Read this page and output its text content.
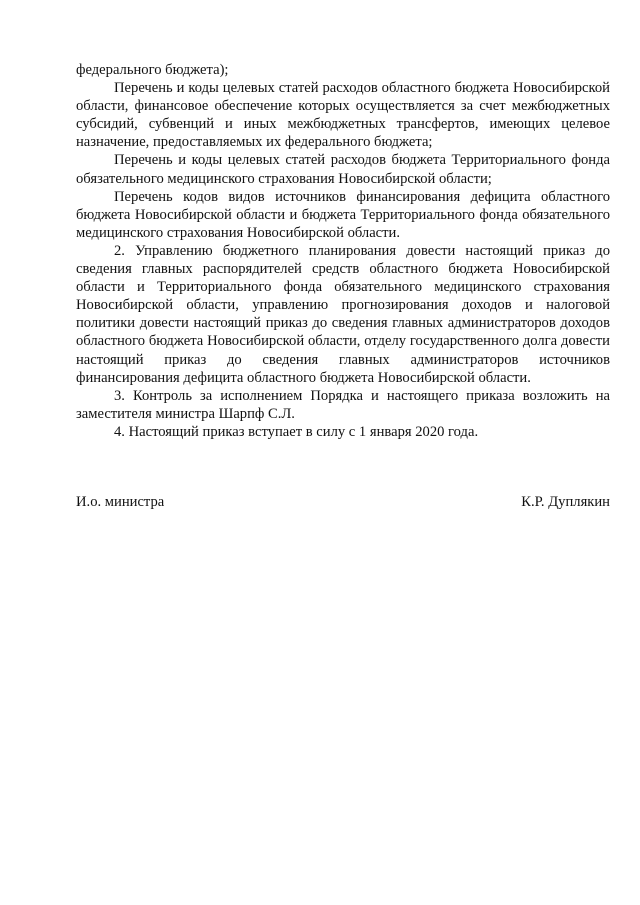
федерального бюджета);

Перечень и коды целевых статей расходов областного бюджета Новосибирской области, финансовое обеспечение которых осуществляется за счет межбюджетных субсидий, субвенций и иных межбюджетных трансфертов, имеющих целевое назначение, предоставляемых их федерального бюджета;

Перечень и коды целевых статей расходов бюджета Территориального фонда обязательного медицинского страхования Новосибирской области;

Перечень кодов видов источников финансирования дефицита областного бюджета Новосибирской области и бюджета Территориального фонда обязательного медицинского страхования Новосибирской области.

2. Управлению бюджетного планирования довести настоящий приказ до сведения главных распорядителей средств областного бюджета Новосибирской области и Территориального фонда обязательного медицинского страхования Новосибирской области, управлению прогнозирования доходов и налоговой политики довести настоящий приказ до сведения главных администраторов доходов областного бюджета Новосибирской области, отделу государственного долга довести настоящий приказ до сведения главных администраторов источников финансирования дефицита областного бюджета Новосибирской области.

3. Контроль за исполнением Порядка и настоящего приказа возложить на заместителя министра Шарпф С.Л.

4. Настоящий приказ вступает в силу с 1 января 2020 года.

И.о. министра	К.Р. Дуплякин
